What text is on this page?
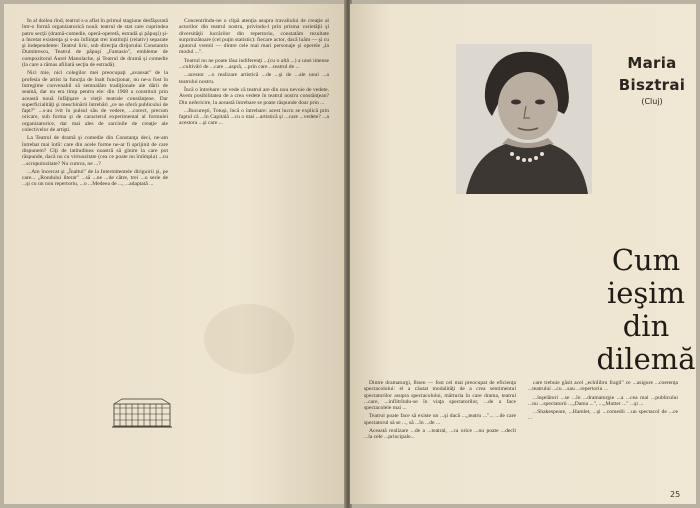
În al doilea rînd, teatrul s-a aflat în primul stagiune desfăşurată într-o formă organizatorică nouă: teatrul de stat care cuprindea patru secţii (dramă-comedie, operă-operetă, estradă şi păpuşi) şi-a încetat existenţa şi s-au înfiinţat trei instituţii (relativ) separate şi independente: Teatrul liric, sub direcţia dirijorului Constantin Dumitrescu, Teatrul de păpuşi „Fantasio", embleme de compozitorul Aurel Manolache, şi Teatrul de dramă şi comedie (la care a rămas afiliată secţia de estradă).

Nici mie, nici colegilor mei preocupaţi „avansat" de la profesia de artist la funcţia de înalt funcţionar, nu ne-a fost în întregime convenabil să semnalăm tradiţionale ale dării de seamă, dar nu era timp pentru ele: din 1968 a constituit prin această nouă înfăţişare a vieţii teatrale constănţene. Dar superficialităţi şi meschinării întrebări „ce ne oferă publicului de fapt?" ...s-au ivit în pulsul său de vedere, ...corect, precum oricare, sub forma şi de caracterul experimental al formulei organizatorice, dar mai ales de sarcinile de creaţie ale colectivelor de artişti.

La Teatrul de dramă şi comedie din Constanţa deci, ne-am întrebat mai întîi: care din acele forme ne-ar fi sprijinit de care dispunem? Cîţi de latitudinea noastră să gînim la care pot răspunde, dacă nu cu virtuozitate (cea ce poate nu întîmpla) ...cu ...scrupulozitate? Nu cumva, ne ...?

...Am încercat şi „Înaltul" de la Intermitentele diriguirii şi, pe care... „Rondului literar" ...să ...ne ...de către, trei ...o serie de ...şi cu un nou repertoriu, ...o ...Medeea de ..., ...adaptată ...

Concentrîndu-ne o clipă atenţia asupra travaliului de creaţie al actorilor din teatrul nostru, privindu-l prin prisma varietăţii şi diversităţii lucrărilor din repertoriu, constatăm rezultate surprinzătoare (cel puţin statistic): fiecare actor, dacă luăm — şi cu ajutorul vremii — dintre cele mai mari personaje şi operele „la modul ...".

Teatrul nu ne poate lăsa indiferenţi ...(cu o altă ...) a unei imense ...cultivări de ...care ...aspră, ...prin care ...teatrul de ...

...acestor ...o realizare artistică ...de ...şi de ...ale unui ...a teatrului nostru.

Încă o întrebare: se vede că teatrul are din nou nevoie de vedete. Avem posibilitatea de a crea vedete în teatrul nostru constănţean? Din nefericire, la această întrebare se poate răspunde doar prin ...

...Bucureşti, Totuşi, încă o întrebare: acest lucru se explică prin faptul că ...în Capitală ...cu o mai ...artistică şi ...care ...vedete? ...a acestora ...şi care ...

Maria Bisztrai
(Cluj)
Cum ieşim din dilemă

Dintre dramaturgi, Ibsen — fost cel mai preocupat de eficienţa spectacolului: el a căutat modalităţi de a crea sentimentul spectatorilor asupra spectacolului, mărturia în care drama, teatrul ...care, ...infiltrîndu-se în viaţa spectatorilor, ...de a face spectacolele mai ...

Teatrul poate face să existe un ...şi dacă ...„teatru ..."... ...de care spectatorul să se ..., să ...în ...de ...

Această realizare ...de a ...teatral, ...ca orice ...nu poate ...decît ...la cele ...principale...

care trebuie găsit acel „echilibru fragil" ce ...asigure ...coerenţa ...teatrului ...cu ...sau ...repertoriu ...

...înşelători ...se ...în ...dramaturgie ...a ...cea mai ...publicului ...nu ...spectatorii ...„Dama ...", ...„Mutter ..." ...şi ...

...Shakespeare, ...Hamlet, ...şi ...comedii ...un spectacol de ...ce ...

25
